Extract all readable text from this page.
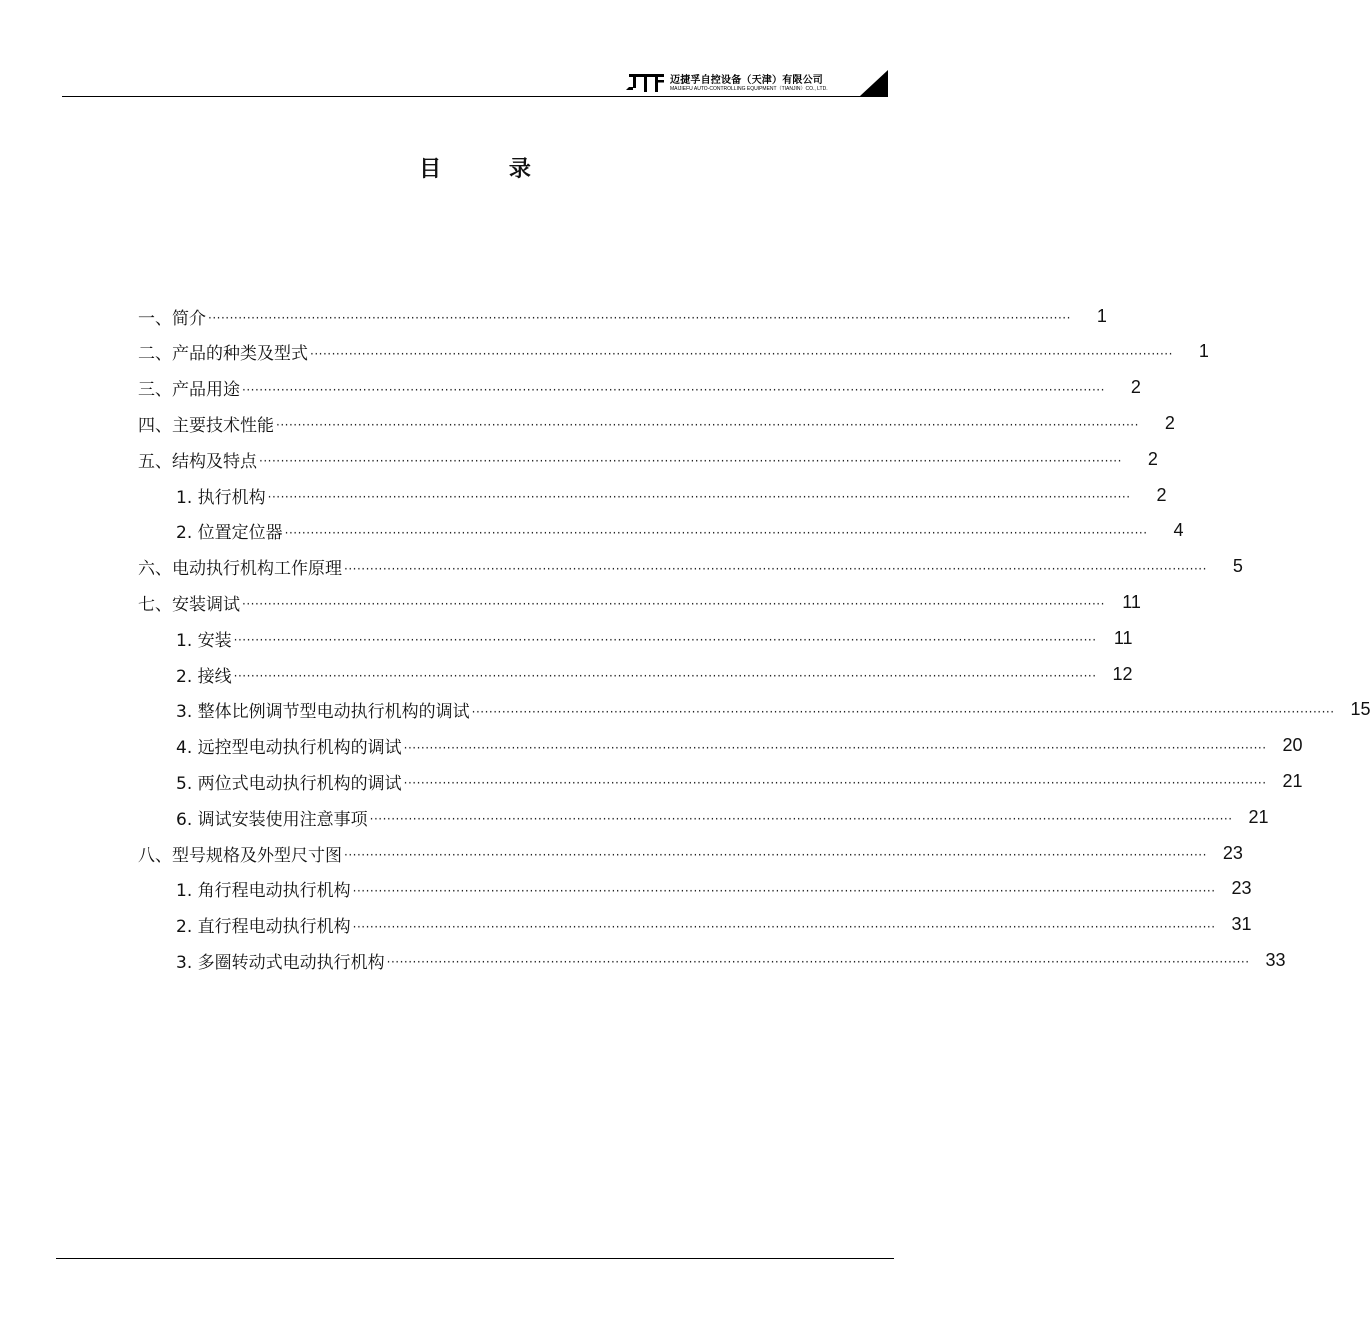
迈捷孚自控设备（天津）有限公司
MAIJIEFU AUTO-CONTROLLING EQUIPMENT（TIANJIN）CO., LTD.
目 录
一、简介 ········································································································································································································	1
二、产品的种类及型式 ········································································································································································································	1
三、产品用途 ········································································································································································································	2
四、主要技术性能 ········································································································································································································	2
五、结构及特点 ········································································································································································································	2
1. 执行机构 ········································································································································································································	2
2. 位置定位器 ········································································································································································································	4
六、电动执行机构工作原理 ········································································································································································································	5
七、安装调试 ········································································································································································································ 11
1. 安装 ········································································································································································································ 11
2. 接线 ········································································································································································································ 12
3. 整体比例调节型电动执行机构的调试 ········································································································································································································ 15
4. 远控型电动执行机构的调试 ········································································································································································································ 20
5. 两位式电动执行机构的调试 ········································································································································································································ 21
6. 调试安装使用注意事项 ········································································································································································································ 21
八、型号规格及外型尺寸图 ········································································································································································································ 23
1. 角行程电动执行机构 ········································································································································································································ 23
2. 直行程电动执行机构 ········································································································································································································ 31
3. 多圈转动式电动执行机构 ········································································································································································································ 33
